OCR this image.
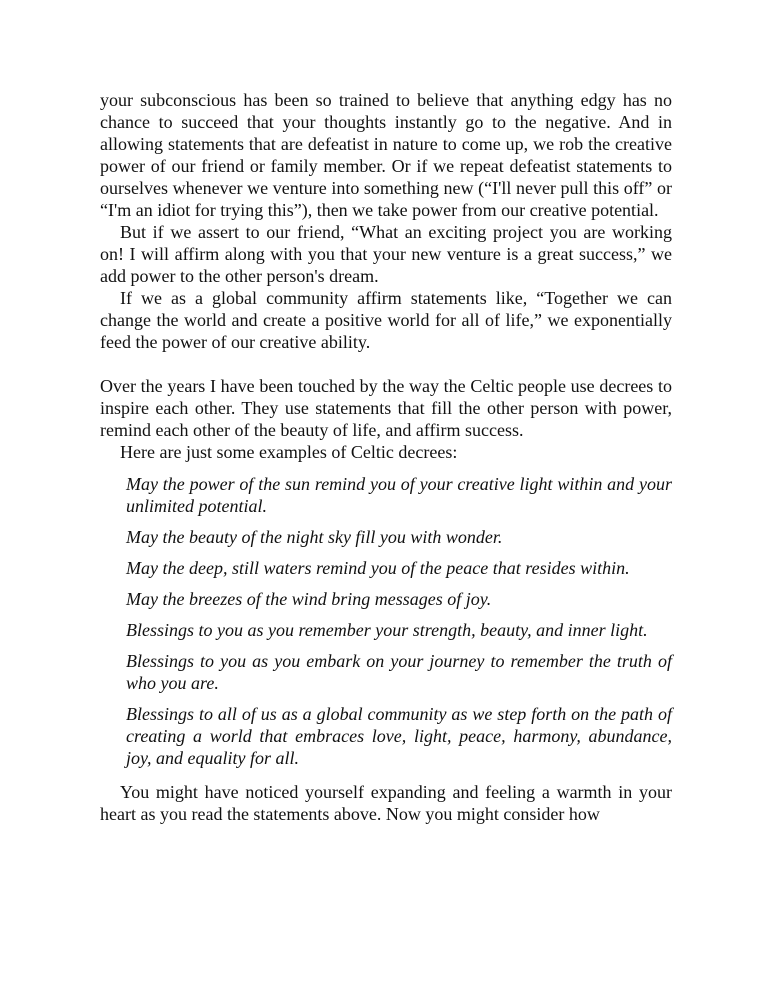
your subconscious has been so trained to believe that anything edgy has no chance to succeed that your thoughts instantly go to the negative. And in allowing statements that are defeatist in nature to come up, we rob the creative power of our friend or family member. Or if we repeat defeatist statements to ourselves whenever we venture into something new (“I'll never pull this off” or “I'm an idiot for trying this”), then we take power from our creative potential.

But if we assert to our friend, “What an exciting project you are working on! I will affirm along with you that your new venture is a great success,” we add power to the other person's dream.

If we as a global community affirm statements like, “Together we can change the world and create a positive world for all of life,” we exponentially feed the power of our creative ability.

Over the years I have been touched by the way the Celtic people use decrees to inspire each other. They use statements that fill the other person with power, remind each other of the beauty of life, and affirm success.

Here are just some examples of Celtic decrees:

May the power of the sun remind you of your creative light within and your unlimited potential.

May the beauty of the night sky fill you with wonder.

May the deep, still waters remind you of the peace that resides within.

May the breezes of the wind bring messages of joy.

Blessings to you as you remember your strength, beauty, and inner light.

Blessings to you as you embark on your journey to remember the truth of who you are.

Blessings to all of us as a global community as we step forth on the path of creating a world that embraces love, light, peace, harmony, abundance, joy, and equality for all.

You might have noticed yourself expanding and feeling a warmth in your heart as you read the statements above. Now you might consider how
